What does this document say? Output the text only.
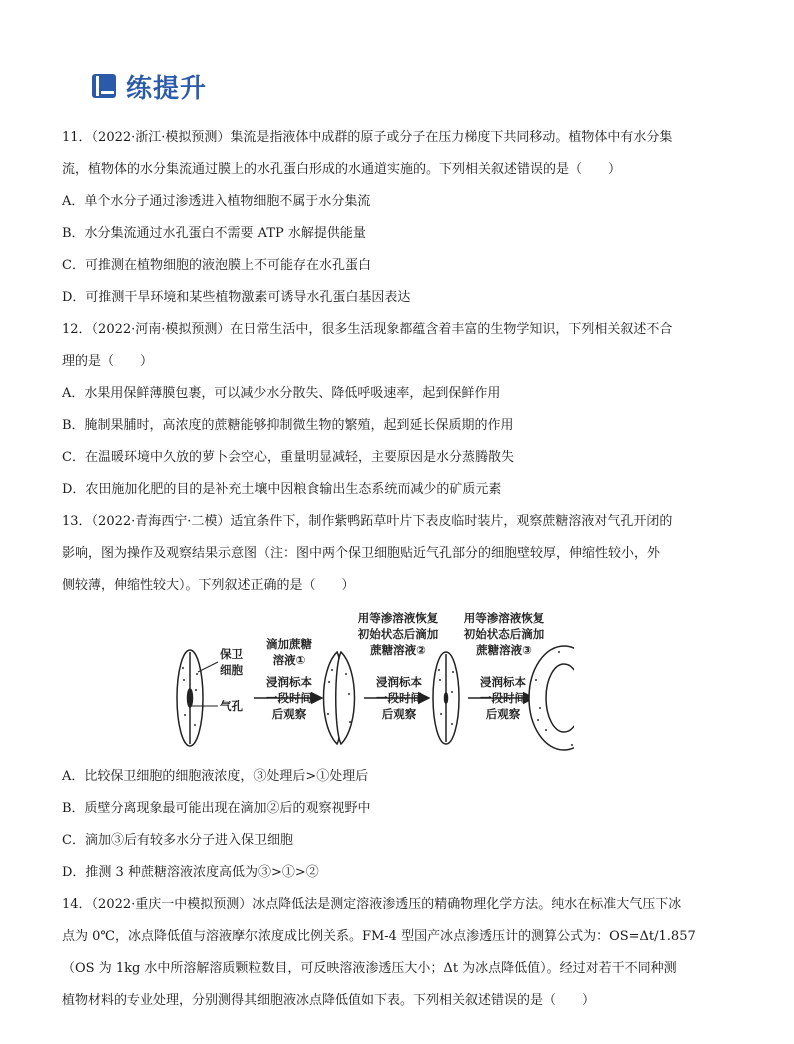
练提升
11．（2022·浙江·模拟预测）集流是指液体中成群的原子或分子在压力梯度下共同移动。植物体中有水分集
流，植物体的水分集流通过膜上的水孔蛋白形成的水通道实施的。下列相关叙述错误的是（　　）
A．单个水分子通过渗透进入植物细胞不属于水分集流
B．水分集流通过水孔蛋白不需要 ATP 水解提供能量
C．可推测在植物细胞的液泡膜上不可能存在水孔蛋白
D．可推测干旱环境和某些植物激素可诱导水孔蛋白基因表达
12．（2022·河南·模拟预测）在日常生活中，很多生活现象都蕴含着丰富的生物学知识，下列相关叙述不合
理的是（　　）
A．水果用保鲜薄膜包裹，可以减少水分散失、降低呼吸速率，起到保鲜作用
B．腌制果脯时，高浓度的蔗糖能够抑制微生物的繁殖，起到延长保质期的作用
C．在温暖环境中久放的萝卜会空心，重量明显减轻，主要原因是水分蒸腾散失
D．农田施加化肥的目的是补充土壤中因粮食输出生态系统而减少的矿质元素
13．（2022·青海西宁·二模）适宜条件下，制作紫鸭跖草叶片下表皮临时装片，观察蔗糖溶液对气孔开闭的
影响，图为操作及观察结果示意图（注：图中两个保卫细胞贴近气孔部分的细胞壁较厚，伸缩性较小，外
侧较薄，伸缩性较大）。下列叙述正确的是（　　）
保卫
细胞
气孔
滴加蔗糖
溶液①
浸润标本
一段时间
后观察
用等渗溶液恢复
初始状态后滴加
蔗糖溶液②
浸润标本
一段时间
后观察
用等渗溶液恢复
初始状态后滴加
蔗糖溶液③
浸润标本
一段时间
后观察
A．比较保卫细胞的细胞液浓度，③处理后>①处理后
B．质壁分离现象最可能出现在滴加②后的观察视野中
C．滴加③后有较多水分子进入保卫细胞
D．推测 3 种蔗糖溶液浓度高低为③>①>②
14．（2022·重庆一中模拟预测）冰点降低法是测定溶液渗透压的精确物理化学方法。纯水在标准大气压下冰
点为 0℃，冰点降低值与溶液摩尔浓度成比例关系。FM-4 型国产冰点渗透压计的测算公式为：OS=Δt/1.857
（OS 为 1kg 水中所溶解溶质颗粒数目，可反映溶液渗透压大小；Δt 为冰点降低值）。经过对若干不同种测
植物材料的专业处理，分别测得其细胞液冰点降低值如下表。下列相关叙述错误的是（　　）
